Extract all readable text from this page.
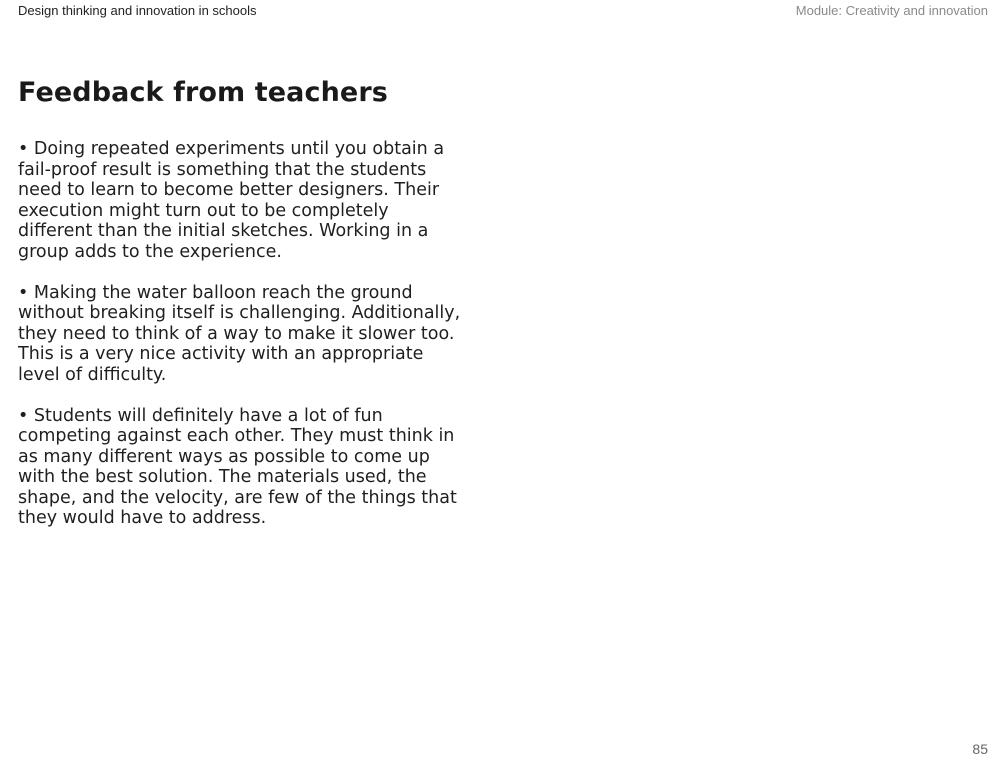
Design thinking and innovation in schools	Module: Creativity and innovation
Feedback from teachers

• Doing repeated experiments until you obtain a fail-proof result is something that the students need to learn to become better designers. Their execution might turn out to be completely different than the initial sketches. Working in a group adds to the experience.

• Making the water balloon reach the ground without breaking itself is challenging. Additionally, they need to think of a way to make it slower too. This is a very nice activity with an appropriate level of difficulty.

• Students will definitely have a lot of fun competing against each other. They must think in as many different ways as possible to come up with the best solution. The materials used, the shape, and the velocity, are few of the things that they would have to address.

85
